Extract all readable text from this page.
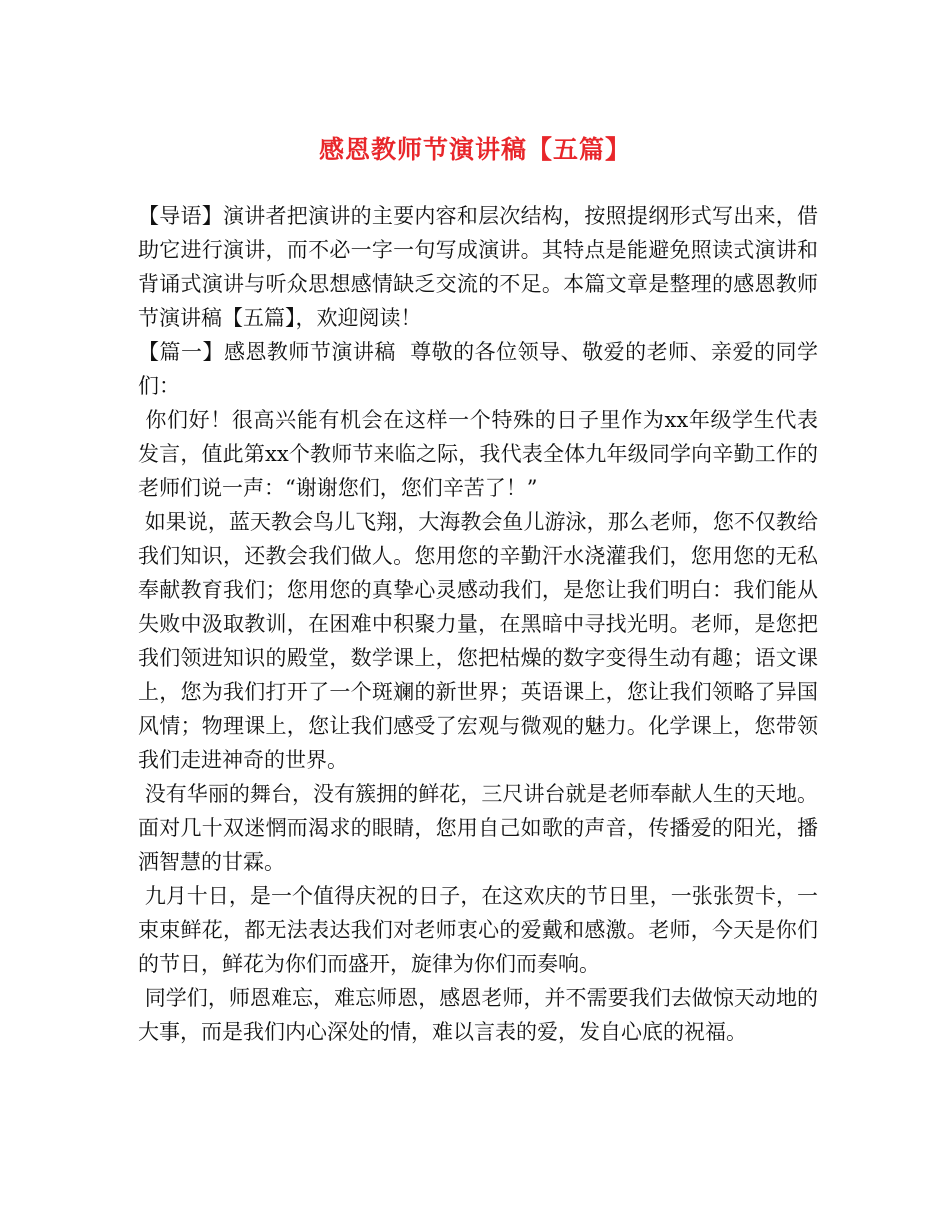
感恩教师节演讲稿【五篇】

【导语】演讲者把演讲的主要内容和层次结构，按照提纲形式写出来，借助它进行演讲，而不必一字一句写成演讲。其特点是能避免照读式演讲和背诵式演讲与听众思想感情缺乏交流的不足。本篇文章是整理的感恩教师节演讲稿【五篇】，欢迎阅读！

【篇一】感恩教师节演讲稿  尊敬的各位领导、敬爱的老师、亲爱的同学们：

你们好！很高兴能有机会在这样一个特殊的日子里作为xx年级学生代表发言，值此第xx个教师节来临之际，我代表全体九年级同学向辛勤工作的老师们说一声：“谢谢您们，您们辛苦了！”

如果说，蓝天教会鸟儿飞翔，大海教会鱼儿游泳，那么老师，您不仅教给我们知识，还教会我们做人。您用您的辛勤汗水浇灌我们，您用您的无私奉献教育我们；您用您的真挚心灵感动我们，是您让我们明白：我们能从失败中汲取教训，在困难中积聚力量，在黑暗中寻找光明。老师，是您把我们领进知识的殿堂，数学课上，您把枯燥的数字变得生动有趣；语文课上，您为我们打开了一个斑斓的新世界；英语课上，您让我们领略了异国风情；物理课上，您让我们感受了宏观与微观的魅力。化学课上，您带领我们走进神奇的世界。

没有华丽的舞台，没有簇拥的鲜花，三尺讲台就是老师奉献人生的天地。面对几十双迷惘而渴求的眼睛，您用自己如歌的声音，传播爱的阳光，播洒智慧的甘霖。

九月十日，是一个值得庆祝的日子，在这欢庆的节日里，一张张贺卡，一束束鲜花，都无法表达我们对老师衷心的爱戴和感激。老师，今天是你们的节日，鲜花为你们而盛开，旋律为你们而奏响。

同学们，师恩难忘，难忘师恩，感恩老师，并不需要我们去做惊天动地的大事，而是我们内心深处的情，难以言表的爱，发自心底的祝福。
